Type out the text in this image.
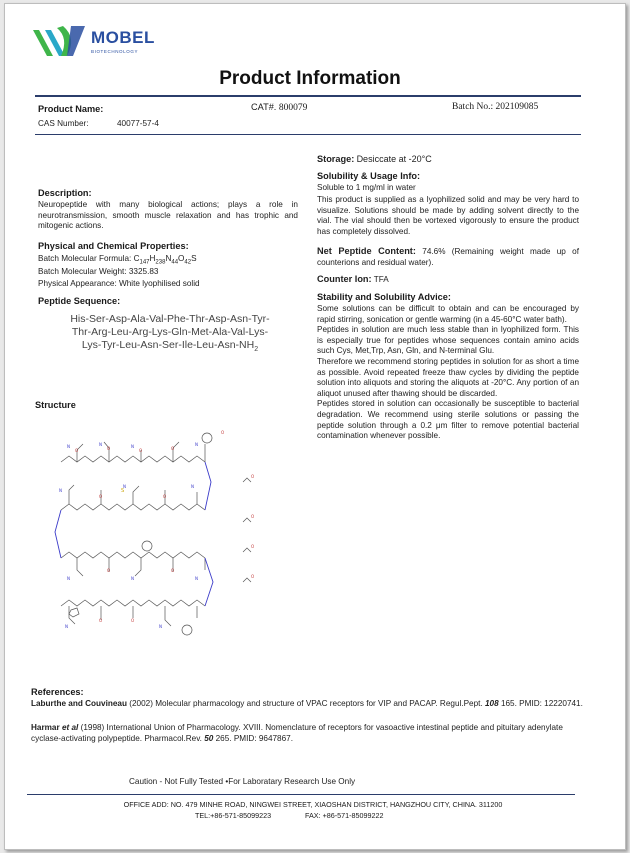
MOBEL
BIOTECHNOLOGY
Product Information
Product Name:	CAT#. 800079	Batch No.: 202109085
CAS Number:	40077-57-4
Description:
Neuropeptide with many biological actions; plays a role in neurotransmission, smooth muscle relaxation and has trophic and mitogenic actions.
Physical and Chemical Properties:
Batch Molecular Formula: $C_{147}H_{238}N_{44}O_{42}S$
Batch Molecular Weight: 3325.83
Physical Appearance: White lyophilised solid
Peptide Sequence:
His-Ser-Asp-Ala-Val-Phe-Thr-Asp-Asn-Tyr-
Thr-Arg-Leu-Arg-Lys-Gln-Met-Ala-Val-Lys-
Lys-$Tyr-Leu-Asn-Ser-Ile-Leu-Asn-NH_2$
Structure
O	O	O	O
O	O
O	O
O	O
O
N	N	N	N
N
N	N
N	N	N
N	N
S
O
O
O
O
Storage: Desiccate at -20°C
Solubility & Usage Info:
Soluble to 1 mg/ml in water
This product is supplied as a lyophilized solid and may be very hard to visualize. Solutions should be made by adding solvent directly to the vial. The vial should then be vortexed vigorously to ensure the product has completely dissolved.
Net Peptide Content: 74.6% (Remaining weight made up of counterions and residual water).
Counter Ion: TFA
Stability and Solubility Advice:

Some solutions can be difficult to obtain and can be encouraged by rapid stirring, sonication or gentle warming (in a 45-60°C water bath).

Peptides in solution are much less stable than in lyophilized form. This is especially true for peptides whose sequences contain amino acids such Cys, Met,Trp, Asn, Gln, and N-terminal Glu.

Therefore we recommend storing peptides in solution for as short a time as possible. Avoid repeated freeze thaw cycles by dividing the peptide solution into aliquots and storing the aliquots at -20°C. Any portion of an aliquot unused after thawing should be discarded.

Peptides stored in solution can occasionally be susceptible to bacterial degradation. We recommend using sterile solutions or passing the peptide solution through a 0.2 μm filter to remove potential bacterial contamination whenever possible.

References:
Laburthe and Couvineau (2002) Molecular pharmacology and structure of VPAC receptors for VIP and PACAP. Regul.Pept. 108 165. PMID: 12220741.
Harmar et al (1998) International Union of Pharmacology. XVIII. Nomenclature of receptors for vasoactive intestinal peptide and pituitary adenylate cyclase-activating polypeptide. Pharmacol.Rev. 50 265. PMID: 9647867.
Caution - Not Fully Tested •For Laboratary Research Use Only
OFFICE ADD: NO. 479 MINHE ROAD, NINGWEI STREET, XIAOSHAN DISTRICT, HANGZHOU CITY, CHINA. 311200
TEL:+86-571-85099223	FAX: +86-571-85099222
